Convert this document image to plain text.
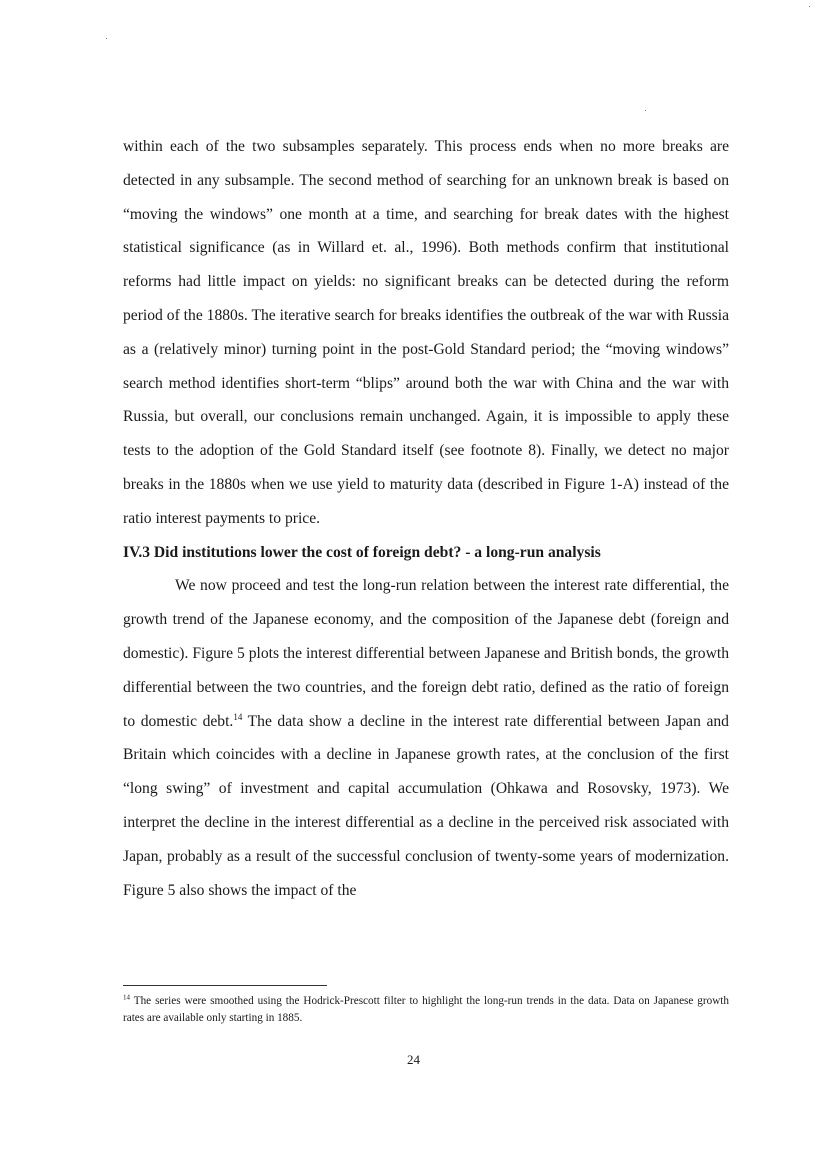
within each of the two subsamples separately. This process ends when no more breaks are detected in any subsample. The second method of searching for an unknown break is based on “moving the windows” one month at a time, and searching for break dates with the highest statistical significance (as in Willard et. al., 1996). Both methods confirm that institutional reforms had little impact on yields: no significant breaks can be detected during the reform period of the 1880s. The iterative search for breaks identifies the outbreak of the war with Russia as a (relatively minor) turning point in the post-Gold Standard period; the “moving windows” search method identifies short-term “blips” around both the war with China and the war with Russia, but overall, our conclusions remain unchanged. Again, it is impossible to apply these tests to the adoption of the Gold Standard itself (see footnote 8). Finally, we detect no major breaks in the 1880s when we use yield to maturity data (described in Figure 1-A) instead of the ratio interest payments to price.

IV.3 Did institutions lower the cost of foreign debt? - a long-run analysis

We now proceed and test the long-run relation between the interest rate differential, the growth trend of the Japanese economy, and the composition of the Japanese debt (foreign and domestic). Figure 5 plots the interest differential between Japanese and British bonds, the growth differential between the two countries, and the foreign debt ratio, defined as the ratio of foreign to domestic debt.$^{14}$ The data show a decline in the interest rate differential between Japan and Britain which coincides with a decline in Japanese growth rates, at the conclusion of the first “long swing” of investment and capital accumulation (Ohkawa and Rosovsky, 1973). We interpret the decline in the interest differential as a decline in the perceived risk associated with Japan, probably as a result of the successful conclusion of twenty-some years of modernization. Figure 5 also shows the impact of the

$^{14}$ The series were smoothed using the Hodrick-Prescott filter to highlight the long-run trends in the data. Data on Japanese growth rates are available only starting in 1885.
24
